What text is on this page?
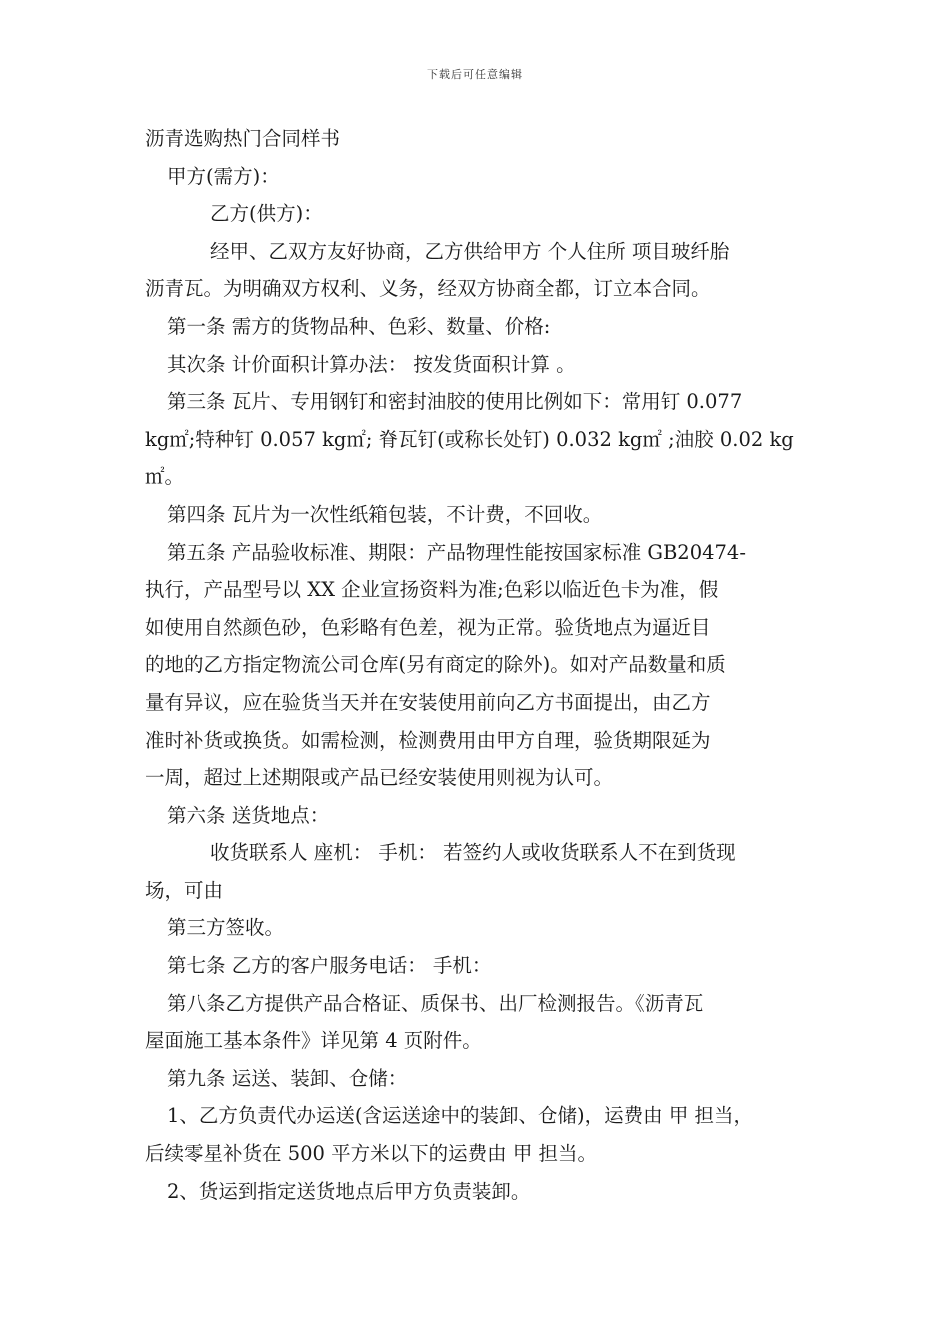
下载后可任意编辑
沥青选购热门合同样书
甲方(需方)：
乙方(供方)：
经甲、乙双方友好协商，乙方供给甲方 个人住所 项目玻纤胎
沥青瓦。为明确双方权利、义务，经双方协商全都，订立本合同。
第一条 需方的货物品种、色彩、数量、价格:
其次条 计价面积计算办法： 按发货面积计算 。
第三条 瓦片、专用钢钉和密封油胶的使用比例如下：常用钉 0.077
kg㎡;特种钉 0.057 kg㎡; 脊瓦钉(或称长处钉) 0.032 kg㎡ ;油胶 0.02 kg
㎡。
第四条 瓦片为一次性纸箱包装，不计费，不回收。
第五条 产品验收标准、期限：产品物理性能按国家标准 GB20474-
执行，产品型号以 XX 企业宣扬资料为准;色彩以临近色卡为准，假
如使用自然颜色砂，色彩略有色差，视为正常。验货地点为逼近目
的地的乙方指定物流公司仓库(另有商定的除外)。如对产品数量和质
量有异议，应在验货当天并在安装使用前向乙方书面提出，由乙方
准时补货或换货。如需检测，检测费用由甲方自理，验货期限延为
一周，超过上述期限或产品已经安装使用则视为认可。
第六条 送货地点：
收货联系人 座机： 手机： 若签约人或收货联系人不在到货现
场，可由
第三方签收。
第七条 乙方的客户服务电话： 手机：
第八条乙方提供产品合格证、质保书、出厂检测报告。《沥青瓦
屋面施工基本条件》详见第 4 页附件。
第九条 运送、装卸、仓储：
1、乙方负责代办运送(含运送途中的装卸、仓储)，运费由 甲 担当，
后续零星补货在 500 平方米以下的运费由 甲 担当。
2、货运到指定送货地点后甲方负责装卸。
